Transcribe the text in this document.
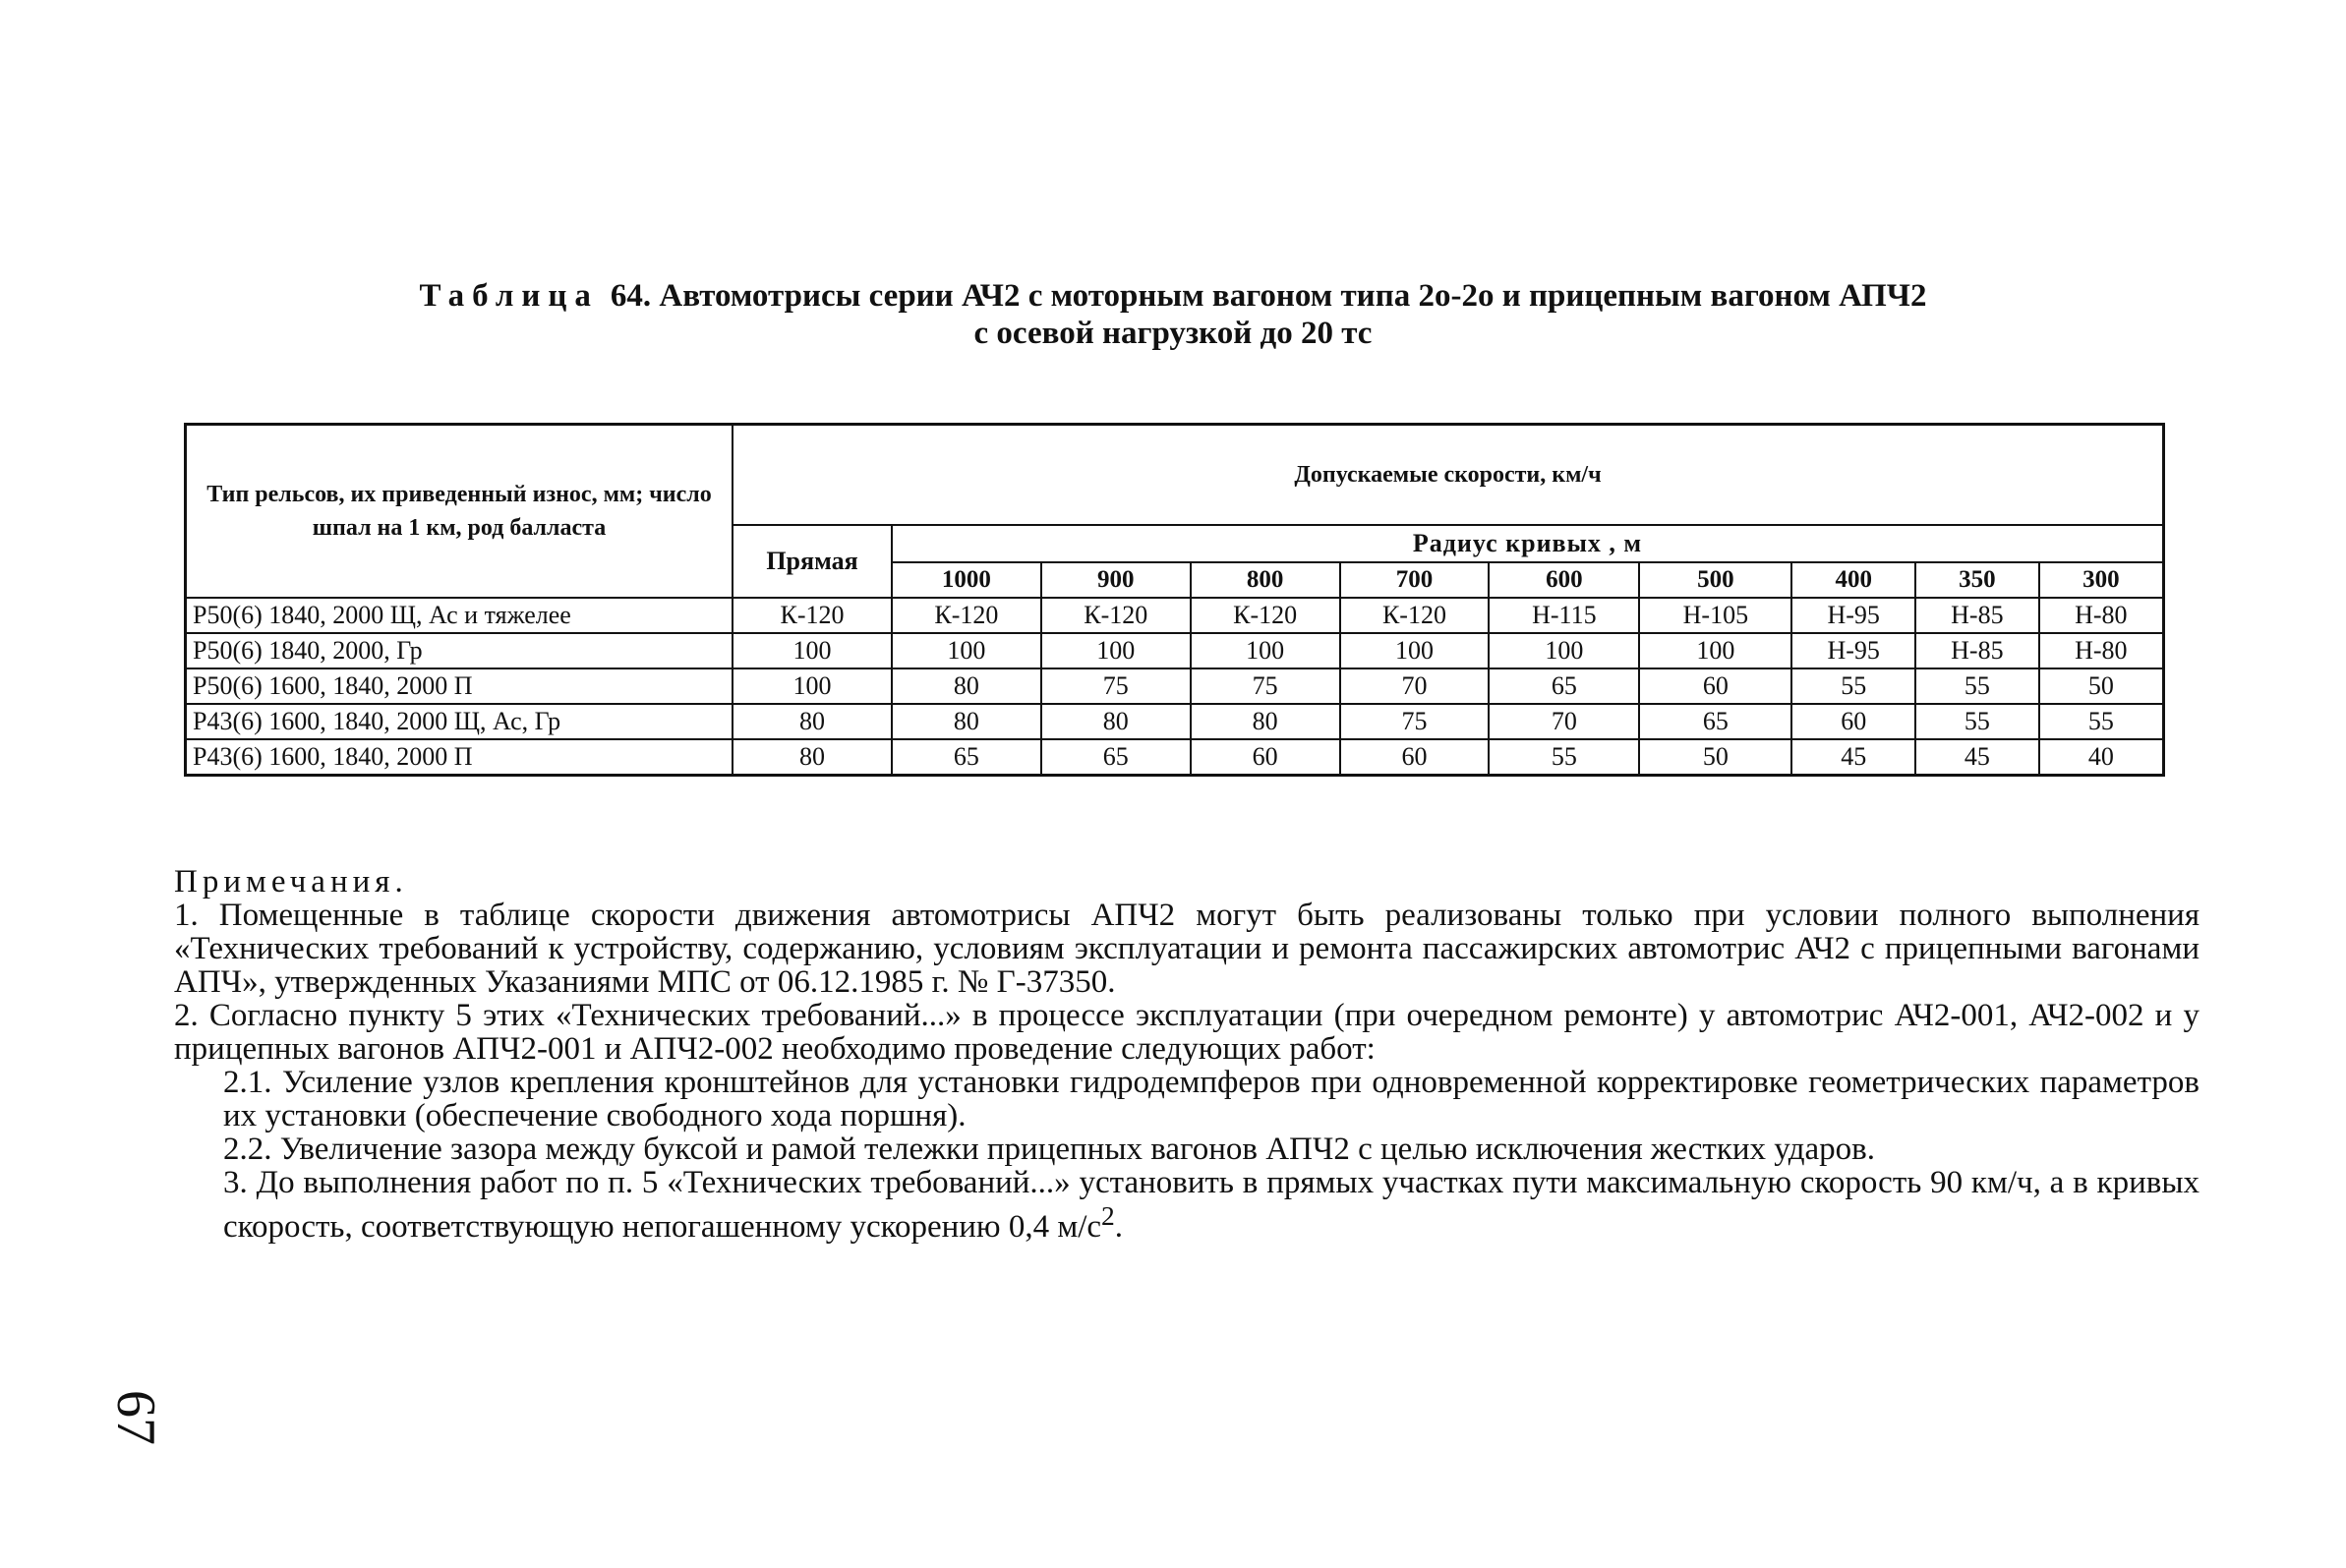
Таблица 64. Автомотрисы серии АЧ2 с моторным вагоном типа 2о-2о и прицепным вагоном АПЧ2
с осевой нагрузкой до 20 тс
Тип рельсов, их приведенный износ, мм; число шпал на 1 км, род балласта	Допускаемые скорости, км/ч									
	Прямая	Радиус кривых , м								
		1000	900	800	700	600	500	400	350	300
Р50(6) 1840, 2000 Щ, Ас и тяжелее	К-120	К-120	К-120	К-120	К-120	Н-115	Н-105	Н-95	Н-85	Н-80
Р50(6) 1840, 2000, Гр	100	100	100	100	100	100	100	Н-95	Н-85	Н-80
Р50(6) 1600, 1840, 2000 П	100	80	75	75	70	65	60	55	55	50
Р43(6) 1600, 1840, 2000 Щ, Ас, Гр	80	80	80	80	75	70	65	60	55	55
Р43(6) 1600, 1840, 2000 П	80	65	65	60	60	55	50	45	45	40

Примечания.

1. Помещенные в таблице скорости движения автомотрисы АПЧ2 могут быть реализованы только при условии полного выполнения «Технических требований к устройству, содержанию, условиям эксплуатации и ремонта пассажирских автомотрис АЧ2 с прицепными вагонами АПЧ», утвержденных Указаниями МПС от 06.12.1985 г. № Г-37350.

2. Согласно пункту 5 этих «Технических требований...» в процессе эксплуатации (при очередном ремонте) у автомотрис АЧ2-001, АЧ2-002 и у прицепных вагонов АПЧ2-001 и АПЧ2-002 необходимо проведение следующих работ:

2.1. Усиление узлов крепления кронштейнов для установки гидродемпферов при одновременной корректировке геометрических параметров их установки (обеспечение свободного хода поршня).

2.2. Увеличение зазора между буксой и рамой тележки прицепных вагонов АПЧ2 с целью исключения жестких ударов.

3. До выполнения работ по п. 5 «Технических требований...» установить в прямых участках пути максимальную скорость 90 км/ч, а в кривых скорость, соответствующую непогашенному ускорению 0,4 $м/с^2$.

67
